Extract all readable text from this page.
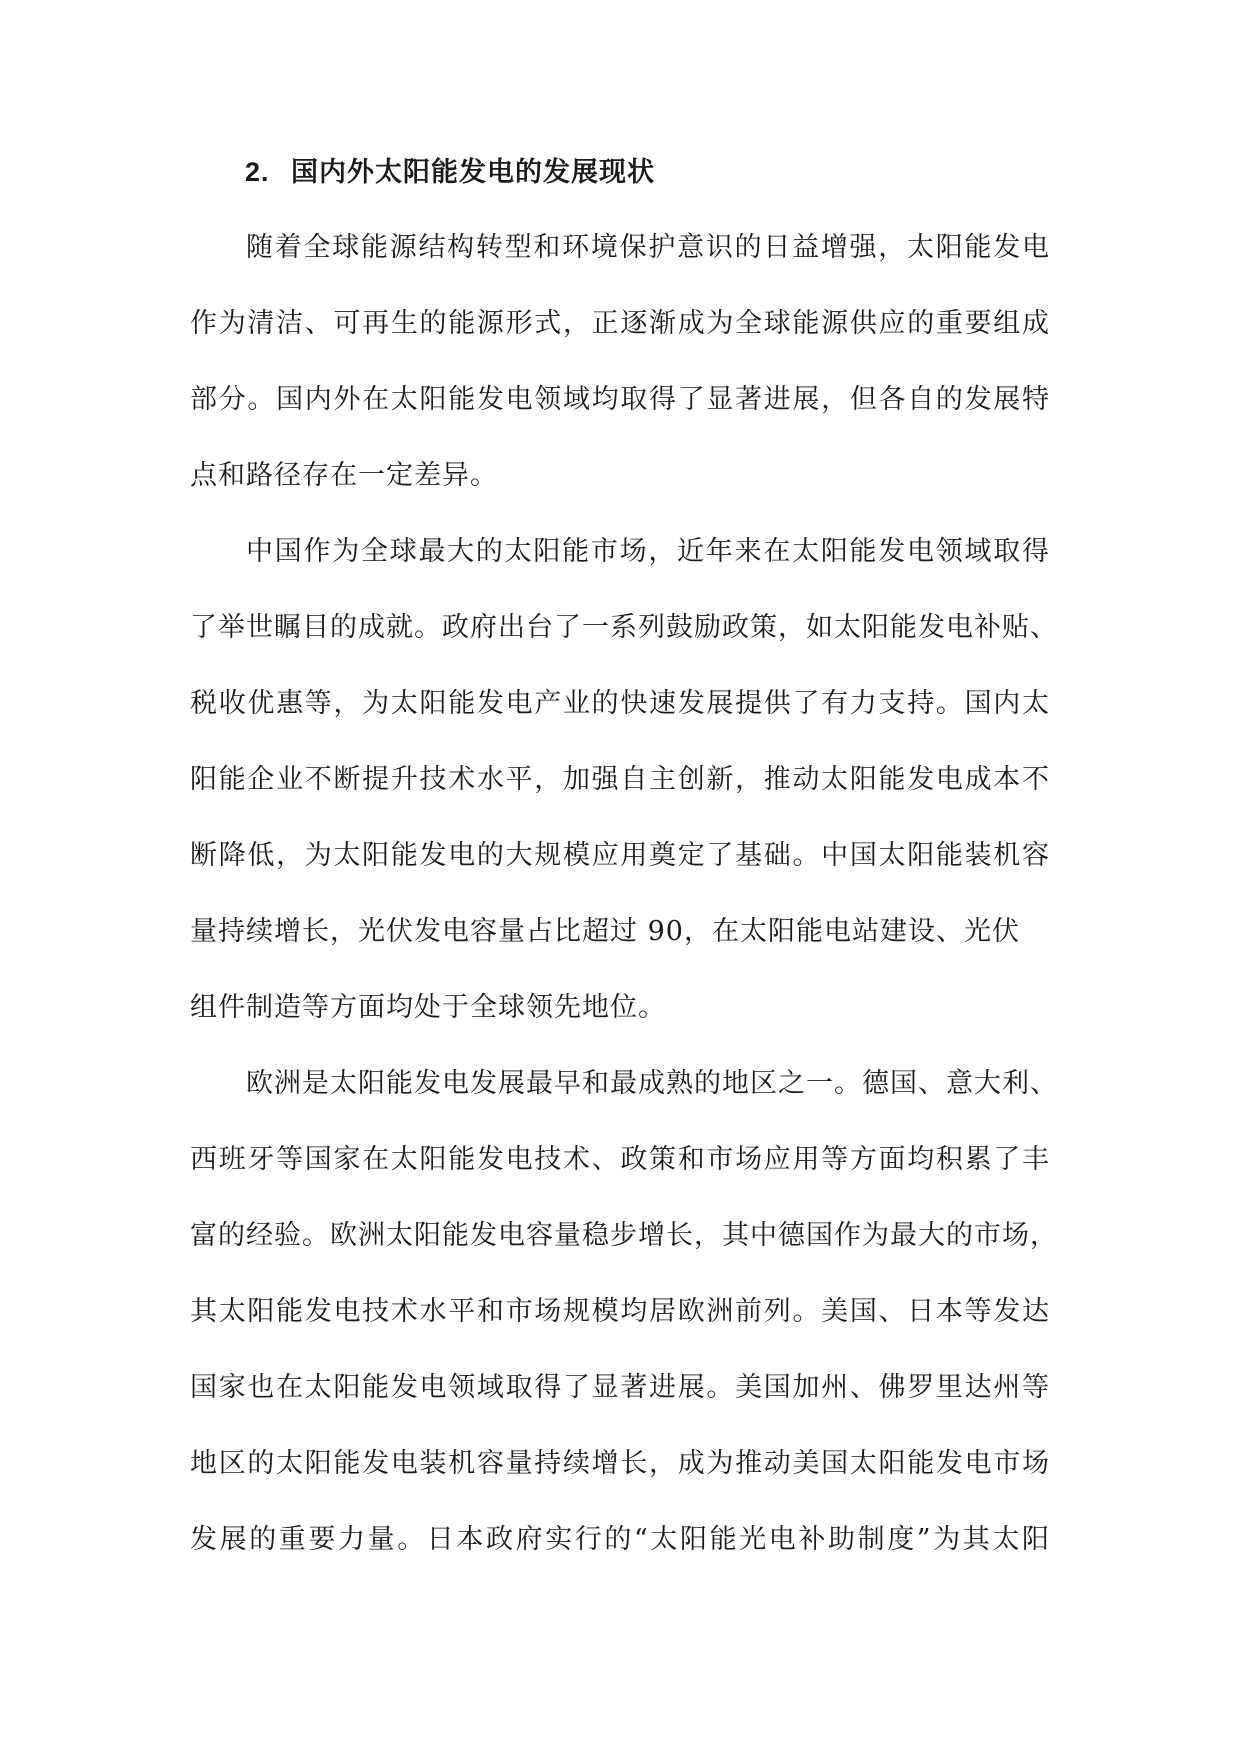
2. 国内外太阳能发电的发展现状

随着全球能源结构转型和环境保护意识的日益增强，太阳能发电
作为清洁、可再生的能源形式，正逐渐成为全球能源供应的重要组成
部分。国内外在太阳能发电领域均取得了显著进展，但各自的发展特
点和路径存在一定差异。

中国作为全球最大的太阳能市场，近年来在太阳能发电领域取得
了举世瞩目的成就。政府出台了一系列鼓励政策，如太阳能发电补贴、
税收优惠等，为太阳能发电产业的快速发展提供了有力支持。国内太
阳能企业不断提升技术水平，加强自主创新，推动太阳能发电成本不
断降低，为太阳能发电的大规模应用奠定了基础。中国太阳能装机容
量持续增长，光伏发电容量占比超过 90，在太阳能电站建设、光伏
组件制造等方面均处于全球领先地位。

欧洲是太阳能发电发展最早和最成熟的地区之一。德国、意大利、
西班牙等国家在太阳能发电技术、政策和市场应用等方面均积累了丰
富的经验。欧洲太阳能发电容量稳步增长，其中德国作为最大的市场，
其太阳能发电技术水平和市场规模均居欧洲前列。美国、日本等发达
国家也在太阳能发电领域取得了显著进展。美国加州、佛罗里达州等
地区的太阳能发电装机容量持续增长，成为推动美国太阳能发电市场
发展的重要力量。日本政府实行的“太阳能光电补助制度”为其太阳
